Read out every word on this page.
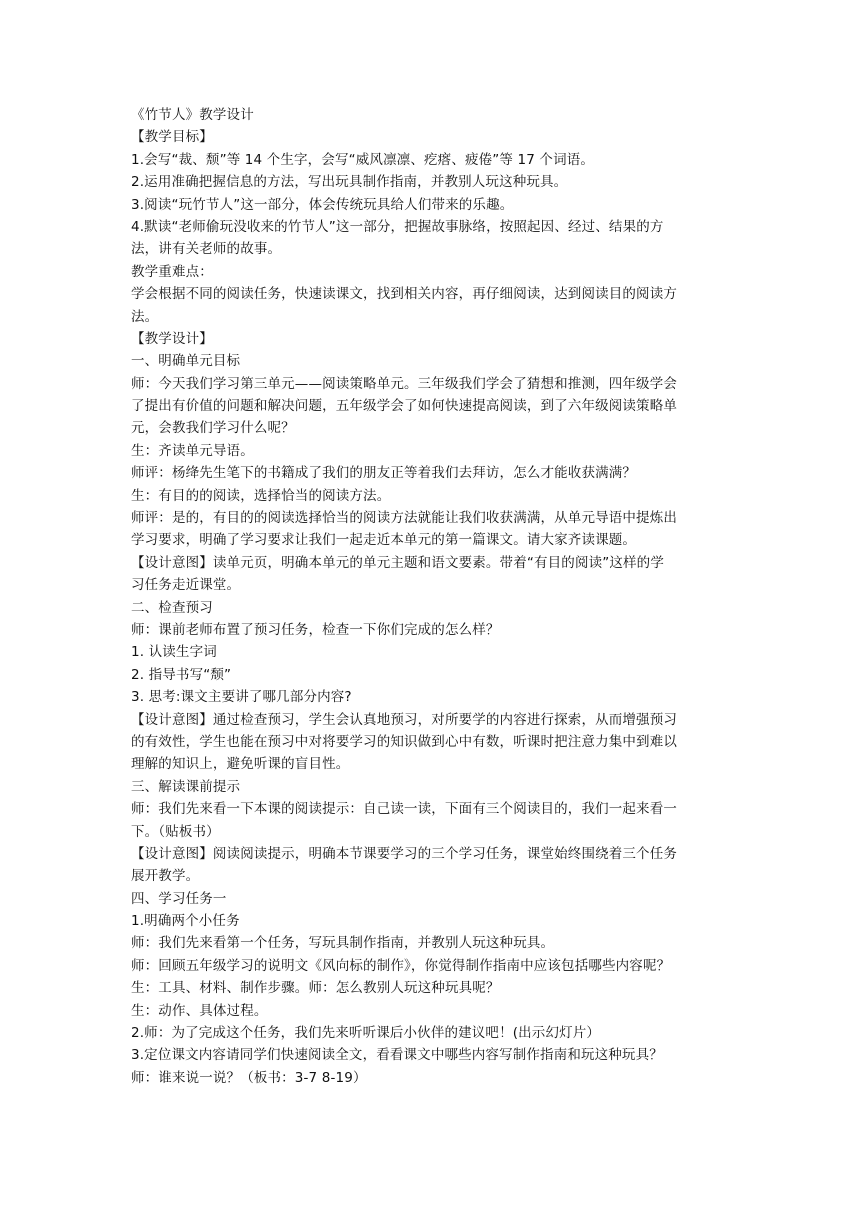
《竹节人》教学设计
【教学目标】
1.会写“裁、颓”等 14 个生字，会写“威风凛凛、疙瘩、疲倦”等 17 个词语。
2.运用准确把握信息的方法，写出玩具制作指南，并教别人玩这种玩具。
3.阅读“玩竹节人”这一部分，体会传统玩具给人们带来的乐趣。
4.默读“老师偷玩没收来的竹节人”这一部分，把握故事脉络，按照起因、经过、结果的方
法，讲有关老师的故事。
教学重难点：
学会根据不同的阅读任务，快速读课文，找到相关内容，再仔细阅读，达到阅读目的阅读方
法。
【教学设计】
一、明确单元目标
师：今天我们学习第三单元——阅读策略单元。三年级我们学会了猜想和推测，四年级学会
了提出有价值的问题和解决问题，五年级学会了如何快速提高阅读，到了六年级阅读策略单
元，会教我们学习什么呢？
生：齐读单元导语。
师评：杨绛先生笔下的书籍成了我们的朋友正等着我们去拜访，怎么才能收获满满？
生：有目的的阅读，选择恰当的阅读方法。
师评：是的，有目的的阅读选择恰当的阅读方法就能让我们收获满满，从单元导语中提炼出
学习要求，明确了学习要求让我们一起走近本单元的第一篇课文。请大家齐读课题。
【设计意图】读单元页，明确本单元的单元主题和语文要素。带着“有目的阅读”这样的学
习任务走近课堂。
二、检查预习
师：课前老师布置了预习任务，检查一下你们完成的怎么样？
1. 认读生字词
2. 指导书写“颓”
3. 思考:课文主要讲了哪几部分内容?
【设计意图】通过检查预习，学生会认真地预习，对所要学的内容进行探索，从而增强预习
的有效性，学生也能在预习中对将要学习的知识做到心中有数，听课时把注意力集中到难以
理解的知识上，避免听课的盲目性。
三、解读课前提示
师：我们先来看一下本课的阅读提示：自己读一读，下面有三个阅读目的，我们一起来看一
下。（贴板书）
【设计意图】阅读阅读提示，明确本节课要学习的三个学习任务，课堂始终围绕着三个任务
展开教学。
四、学习任务一
1.明确两个小任务
师：我们先来看第一个任务，写玩具制作指南，并教别人玩这种玩具。
师：回顾五年级学习的说明文《风向标的制作》，你觉得制作指南中应该包括哪些内容呢？
生：工具、材料、制作步骤。师：怎么教别人玩这种玩具呢？
生：动作、具体过程。
2.师：为了完成这个任务，我们先来听听课后小伙伴的建议吧！(出示幻灯片）
3.定位课文内容请同学们快速阅读全文，看看课文中哪些内容写制作指南和玩这种玩具？
师：谁来说一说？（板书：3-7 8-19）
